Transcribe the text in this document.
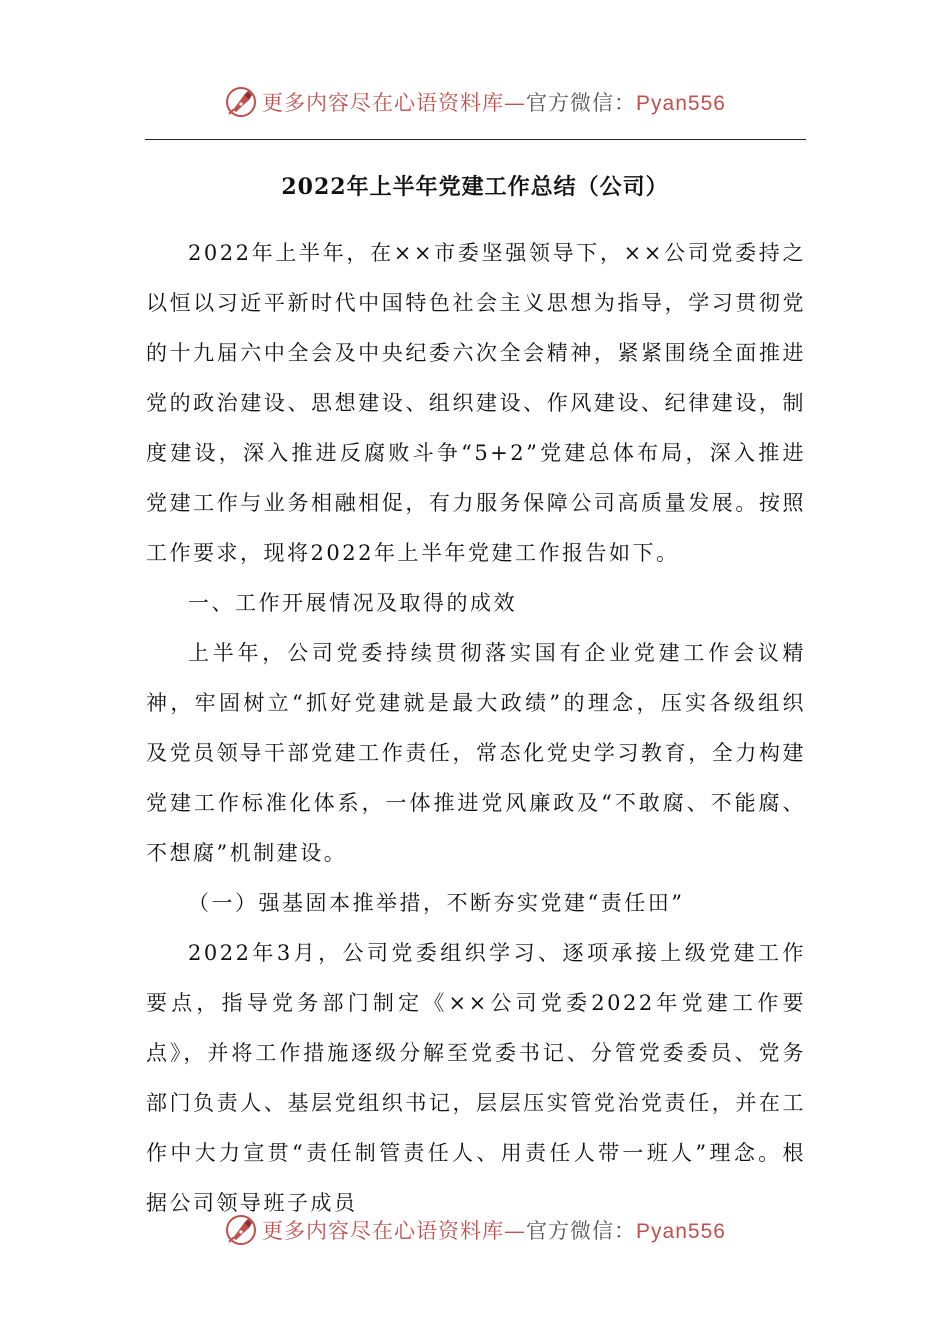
更多内容尽在心语资料库—官方微信：Pyan556
2022年上半年党建工作总结（公司）

2022年上半年，在××市委坚强领导下，××公司党委持之以恒以习近平新时代中国特色社会主义思想为指导，学习贯彻党的十九届六中全会及中央纪委六次全会精神，紧紧围绕全面推进党的政治建设、思想建设、组织建设、作风建设、纪律建设，制度建设，深入推进反腐败斗争“5+2”党建总体布局，深入推进党建工作与业务相融相促，有力服务保障公司高质量发展。按照工作要求，现将2022年上半年党建工作报告如下。

一、工作开展情况及取得的成效

上半年，公司党委持续贯彻落实国有企业党建工作会议精神，牢固树立“抓好党建就是最大政绩”的理念，压实各级组织及党员领导干部党建工作责任，常态化党史学习教育，全力构建党建工作标准化体系，一体推进党风廉政及“不敢腐、不能腐、不想腐”机制建设。

（一）强基固本推举措，不断夯实党建“责任田”

2022年3月，公司党委组织学习、逐项承接上级党建工作要点，指导党务部门制定《××公司党委2022年党建工作要点》，并将工作措施逐级分解至党委书记、分管党委委员、党务部门负责人、基层党组织书记，层层压实管党治党责任，并在工作中大力宣贯“责任制管责任人、用责任人带一班人”理念。根据公司领导班子成员

更多内容尽在心语资料库—官方微信：Pyan556
